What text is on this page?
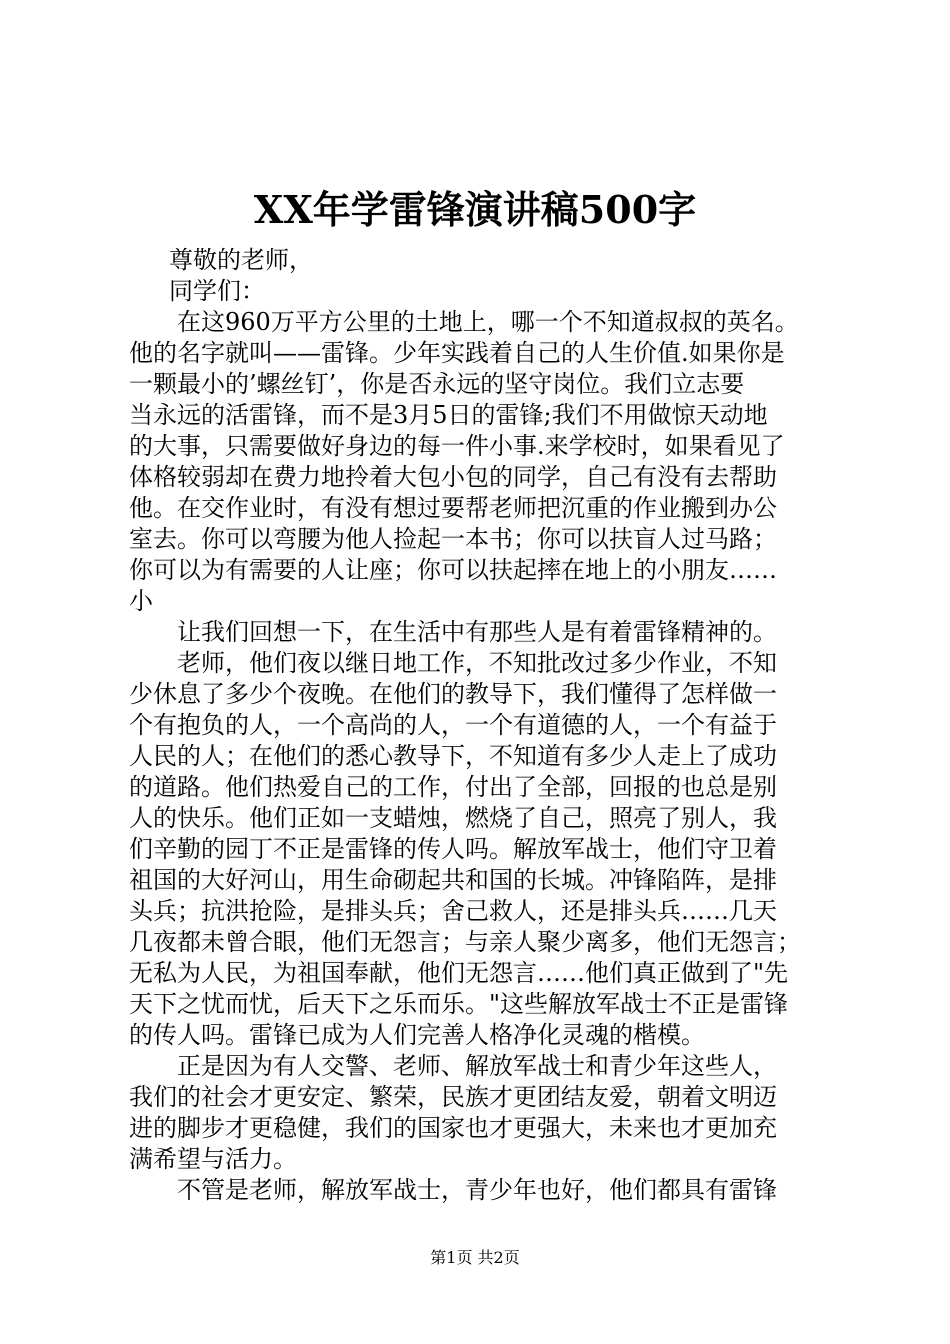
XX年学雷锋演讲稿500字
尊敬的老师，
同学们：
在这960万平方公里的土地上，哪一个不知道叔叔的英名。
他的名字就叫——雷锋。少年实践着自己的人生价值.如果你是
一颗最小的’螺丝钉’，你是否永远的坚守岗位。我们立志要
当永远的活雷锋，而不是3月5日的雷锋;我们不用做惊天动地
的大事，只需要做好身边的每一件小事.来学校时，如果看见了
体格较弱却在费力地拎着大包小包的同学，自己有没有去帮助
他。在交作业时，有没有想过要帮老师把沉重的作业搬到办公
室去。你可以弯腰为他人捡起一本书；你可以扶盲人过马路；
你可以为有需要的人让座；你可以扶起摔在地上的小朋友……
小
让我们回想一下，在生活中有那些人是有着雷锋精神的。
老师，他们夜以继日地工作，不知批改过多少作业，不知
少休息了多少个夜晚。在他们的教导下，我们懂得了怎样做一
个有抱负的人，一个高尚的人，一个有道德的人，一个有益于
人民的人；在他们的悉心教导下，不知道有多少人走上了成功
的道路。他们热爱自己的工作，付出了全部，回报的也总是别
人的快乐。他们正如一支蜡烛，燃烧了自己，照亮了别人，我
们辛勤的园丁不正是雷锋的传人吗。解放军战士，他们守卫着
祖国的大好河山，用生命砌起共和国的长城。冲锋陷阵，是排
头兵；抗洪抢险，是排头兵；舍己救人，还是排头兵……几天
几夜都未曾合眼，他们无怨言；与亲人聚少离多，他们无怨言；
无私为人民，为祖国奉献，他们无怨言……他们真正做到了"先
天下之忧而忧，后天下之乐而乐。"这些解放军战士不正是雷锋
的传人吗。雷锋已成为人们完善人格净化灵魂的楷模。
正是因为有人交警、老师、解放军战士和青少年这些人，
我们的社会才更安定、繁荣，民族才更团结友爱，朝着文明迈
进的脚步才更稳健，我们的国家也才更强大，未来也才更加充
满希望与活力。
不管是老师，解放军战士，青少年也好，他们都具有雷锋
第1页 共2页
